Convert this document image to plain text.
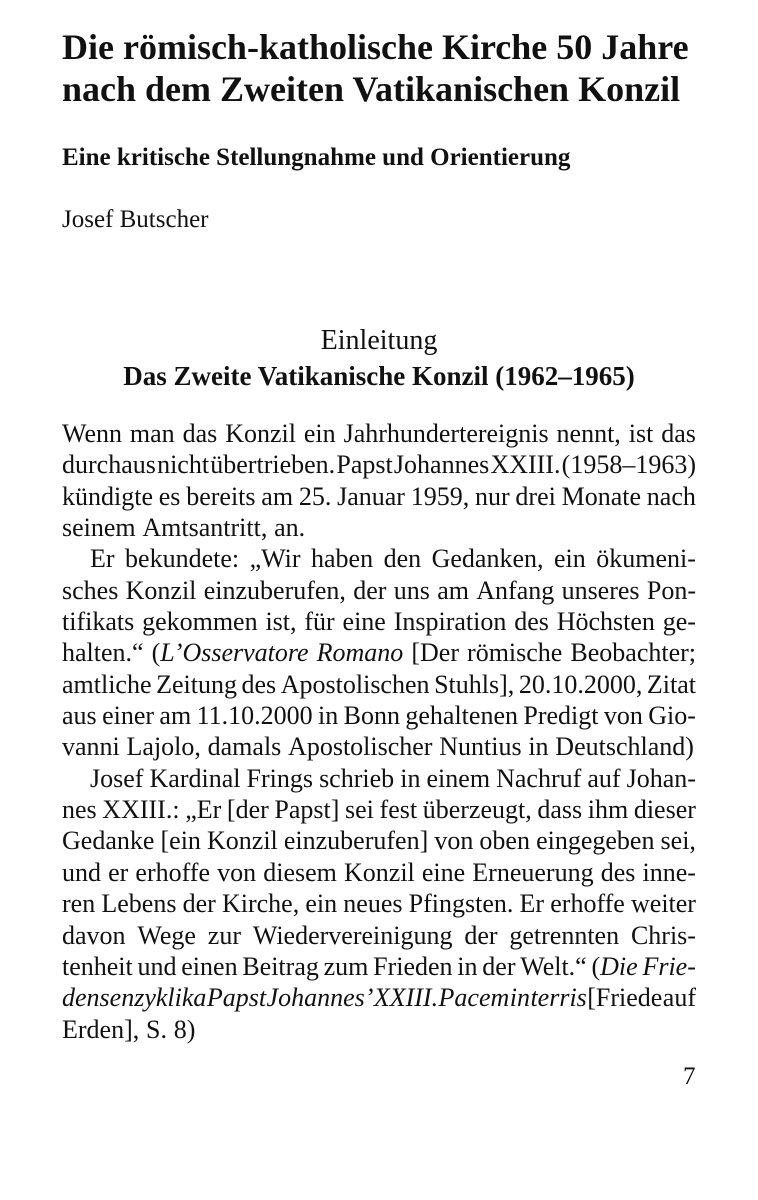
Die römisch-katholische Kirche 50 Jahre
nach dem Zweiten Vatikanischen Konzil
Eine kritische Stellungnahme und Orientierung
Josef Butscher
Einleitung
Das Zweite Vatikanische Konzil (1962–1965)
Wenn man das Konzil ein Jahrhundertereignis nennt, ist das
durchaus nicht übertrieben. Papst Johannes XXIII. (1958–1963)
kündigte es bereits am 25. Januar 1959, nur drei Monate nach
seinem Amtsantritt, an.
Er bekundete: „Wir haben den Gedanken, ein ökumeni-
sches Konzil einzuberufen, der uns am Anfang unseres Pon-
tifikats gekommen ist, für eine Inspiration des Höchsten ge-
halten.“ (L’Osservatore Romano [Der römische Beobachter;
amtliche Zeitung des Apostolischen Stuhls], 20.10.2000, Zitat
aus einer am 11.10.2000 in Bonn gehaltenen Predigt von Gio-
vanni Lajolo, damals Apostolischer Nuntius in Deutschland)
Josef Kardinal Frings schrieb in einem Nachruf auf Johan-
nes XXIII.: „Er [der Papst] sei fest überzeugt, dass ihm dieser
Gedanke [ein Konzil einzuberufen] von oben eingegeben sei,
und er erhoffe von diesem Konzil eine Erneuerung des inne-
ren Lebens der Kirche, ein neues Pfingsten. Er erhoffe weiter
davon Wege zur Wiedervereinigung der getrennten Chris-
tenheit und einen Beitrag zum Frieden in der Welt.“ (Die Frie-
densenzyklika Papst Johannes’ XXIII. Pacem in terris [Friede auf
Erden], S. 8)
7
